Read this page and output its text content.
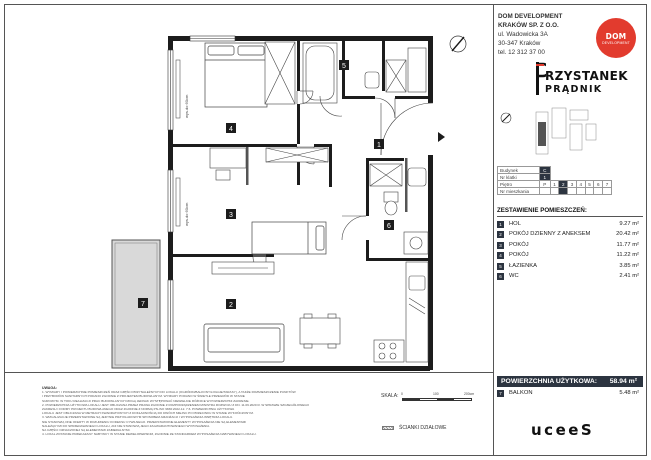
wys.do 60cm
wys.do 60cm
4
3
2
5
1
6
7
DOM DEVELOPMENT
KRAKÓW SP. Z O.O.
ul. Wadowicka 3A
30-347 Kraków
tel. 12 312 37 00
DOM
DEVELOPMENT
RZYSTANEK
PRĄDNIK
Budynek	C							
Nr klatki	1							
Piętro	P	1	2	3	4	5	6	7
Nr mieszkania								
ZESTAWIENIE POMIESZCZEŃ:
1	HOL	9.27 m²
2	POKÓJ DZIENNY Z ANEKSEM	20.42 m²
3	POKÓJ	11.77 m²
4	POKÓJ	11.22 m²
5	ŁAZIENKA	3.85 m²
6	WC	2.41 m²
POWIERZCHNIA UŻYTKOWA: 58.94 m²
7	BALKON	5.48 m²
uceeS
UWAGA:
1. WYMIARY I POWIERZCHNIE POMIESZCZEŃ ORAZ CZĘŚCI PRZYNALEŻNYCH DO LOKALU (OGRÓDKI/BALKONY/LOGGIE/TARASY), A TAKŻE ROZMIESZCZENIE PUNKTÓW
I PRZYBORÓW SANITARNYCH PODANO ZGODNIE Z PROJEKTEM BUDOWLANYM. WYMIARY PODANO W ŚWIETLE PRZEGRÓD W STANIE
SUROWYM. W TOKU REALIZACJI PRAC BUDOWLANYCH MOGĄ JEDNAK WYSTĘPOWAĆ NIEWIELKIE RÓŻNICE W POWIERZCHNI ZAKRESIE.
2. POWIERZCHNIA UŻYTKOWA LOKALU JEST OBLICZANA PRZEZ PRAWA ZGODNIE Z ROZPORZĄDZENIEM MINISTRA ROZWOJU Z DN. 11.09.2020 R. W SPRAWIE SZCZEGÓŁOWEGO
ZAKRESU I FORMY PROJEKTU BUDOWLANEGO ORAZ ZGODNIE Z NORMĄ PN-ISO 9836:2022-12. 7.6. POWIERZCHNIA UŻYTKOWA
LOKALU JEST OBLICZANA W METRACH KWADRATOWYCH Z DOKŁADNOŚCIĄ DO DWÓCH MIEJSC PO PRZECINKU W STANIE WYKOŃCZONYM.
3. WIZUALIZACJE PRZEDSTAWIONE SĄ JEDYNIE PRZYKŁADOWYM SPOSOBEM AMANŻACJI I WYPOSAŻENIA WNĘTRZA LOKALU.
NIE STANOWIĄ ONE OFERTY W ROZUMIENIU KODEKSU CYWILNEGO. PRZEDSTAWIONE ELEMENTY WYPOSAŻENIA NIE SĄ ELEMENTAMI
NALEŻĄCYMI DO SPRZEDAWANEGO LOKALU, ANI NIE STANOWIĄ JEGO ZAGWARANTOWANEGO WYPOSAŻENIA.
NA CZĘŚCI OZNACZONEJ SĄ ELEMENTAMI ZABIERALNYMI.
4. LOKAL ZOSTANIE PRZEKAZANY NABYWCY W STANIE DEWELOPERSKIM, ZGODNIE ZE STANDARDEM WYPOSAŻENIA NABYWANEGO LOKALU.
SKALA: 0	100	200cm
ŚCIANKI DZIAŁOWE
